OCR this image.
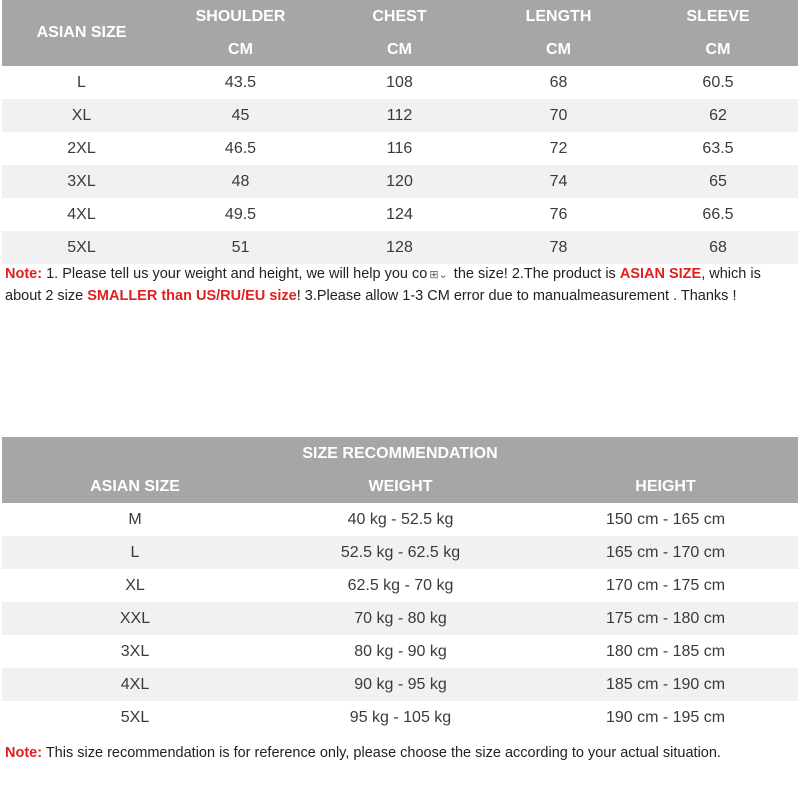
ASIAN SIZE	SHOULDER	CHEST	LENGTH	SLEEVE
	CM	CM	CM	CM
L	43.5	108	68	60.5
XL	45	112	70	62
2XL	46.5	116	72	63.5
3XL	48	120	74	65
4XL	49.5	124	76	66.5
5XL	51	128	78	68
Note: 1. Please tell us your weight and height, we will help you co ⊞⌄ the size! 2.The product is ASIAN SIZE, which is about 2 size SMALLER than US/RU/EU size! 3.Please allow 1-3 CM error due to manualmeasurement . Thanks !
SIZE RECOMMENDATION		
ASIAN SIZE	WEIGHT	HEIGHT
M	40 kg - 52.5 kg	150 cm - 165 cm
L	52.5 kg - 62.5 kg	165 cm - 170 cm
XL	62.5 kg - 70 kg	170 cm - 175 cm
XXL	70 kg - 80 kg	175 cm - 180 cm
3XL	80 kg - 90 kg	180 cm - 185 cm
4XL	90 kg - 95 kg	185 cm - 190 cm
5XL	95 kg - 105 kg	190 cm - 195 cm
Note: This size recommendation is for reference only, please choose the size according to your actual situation.
